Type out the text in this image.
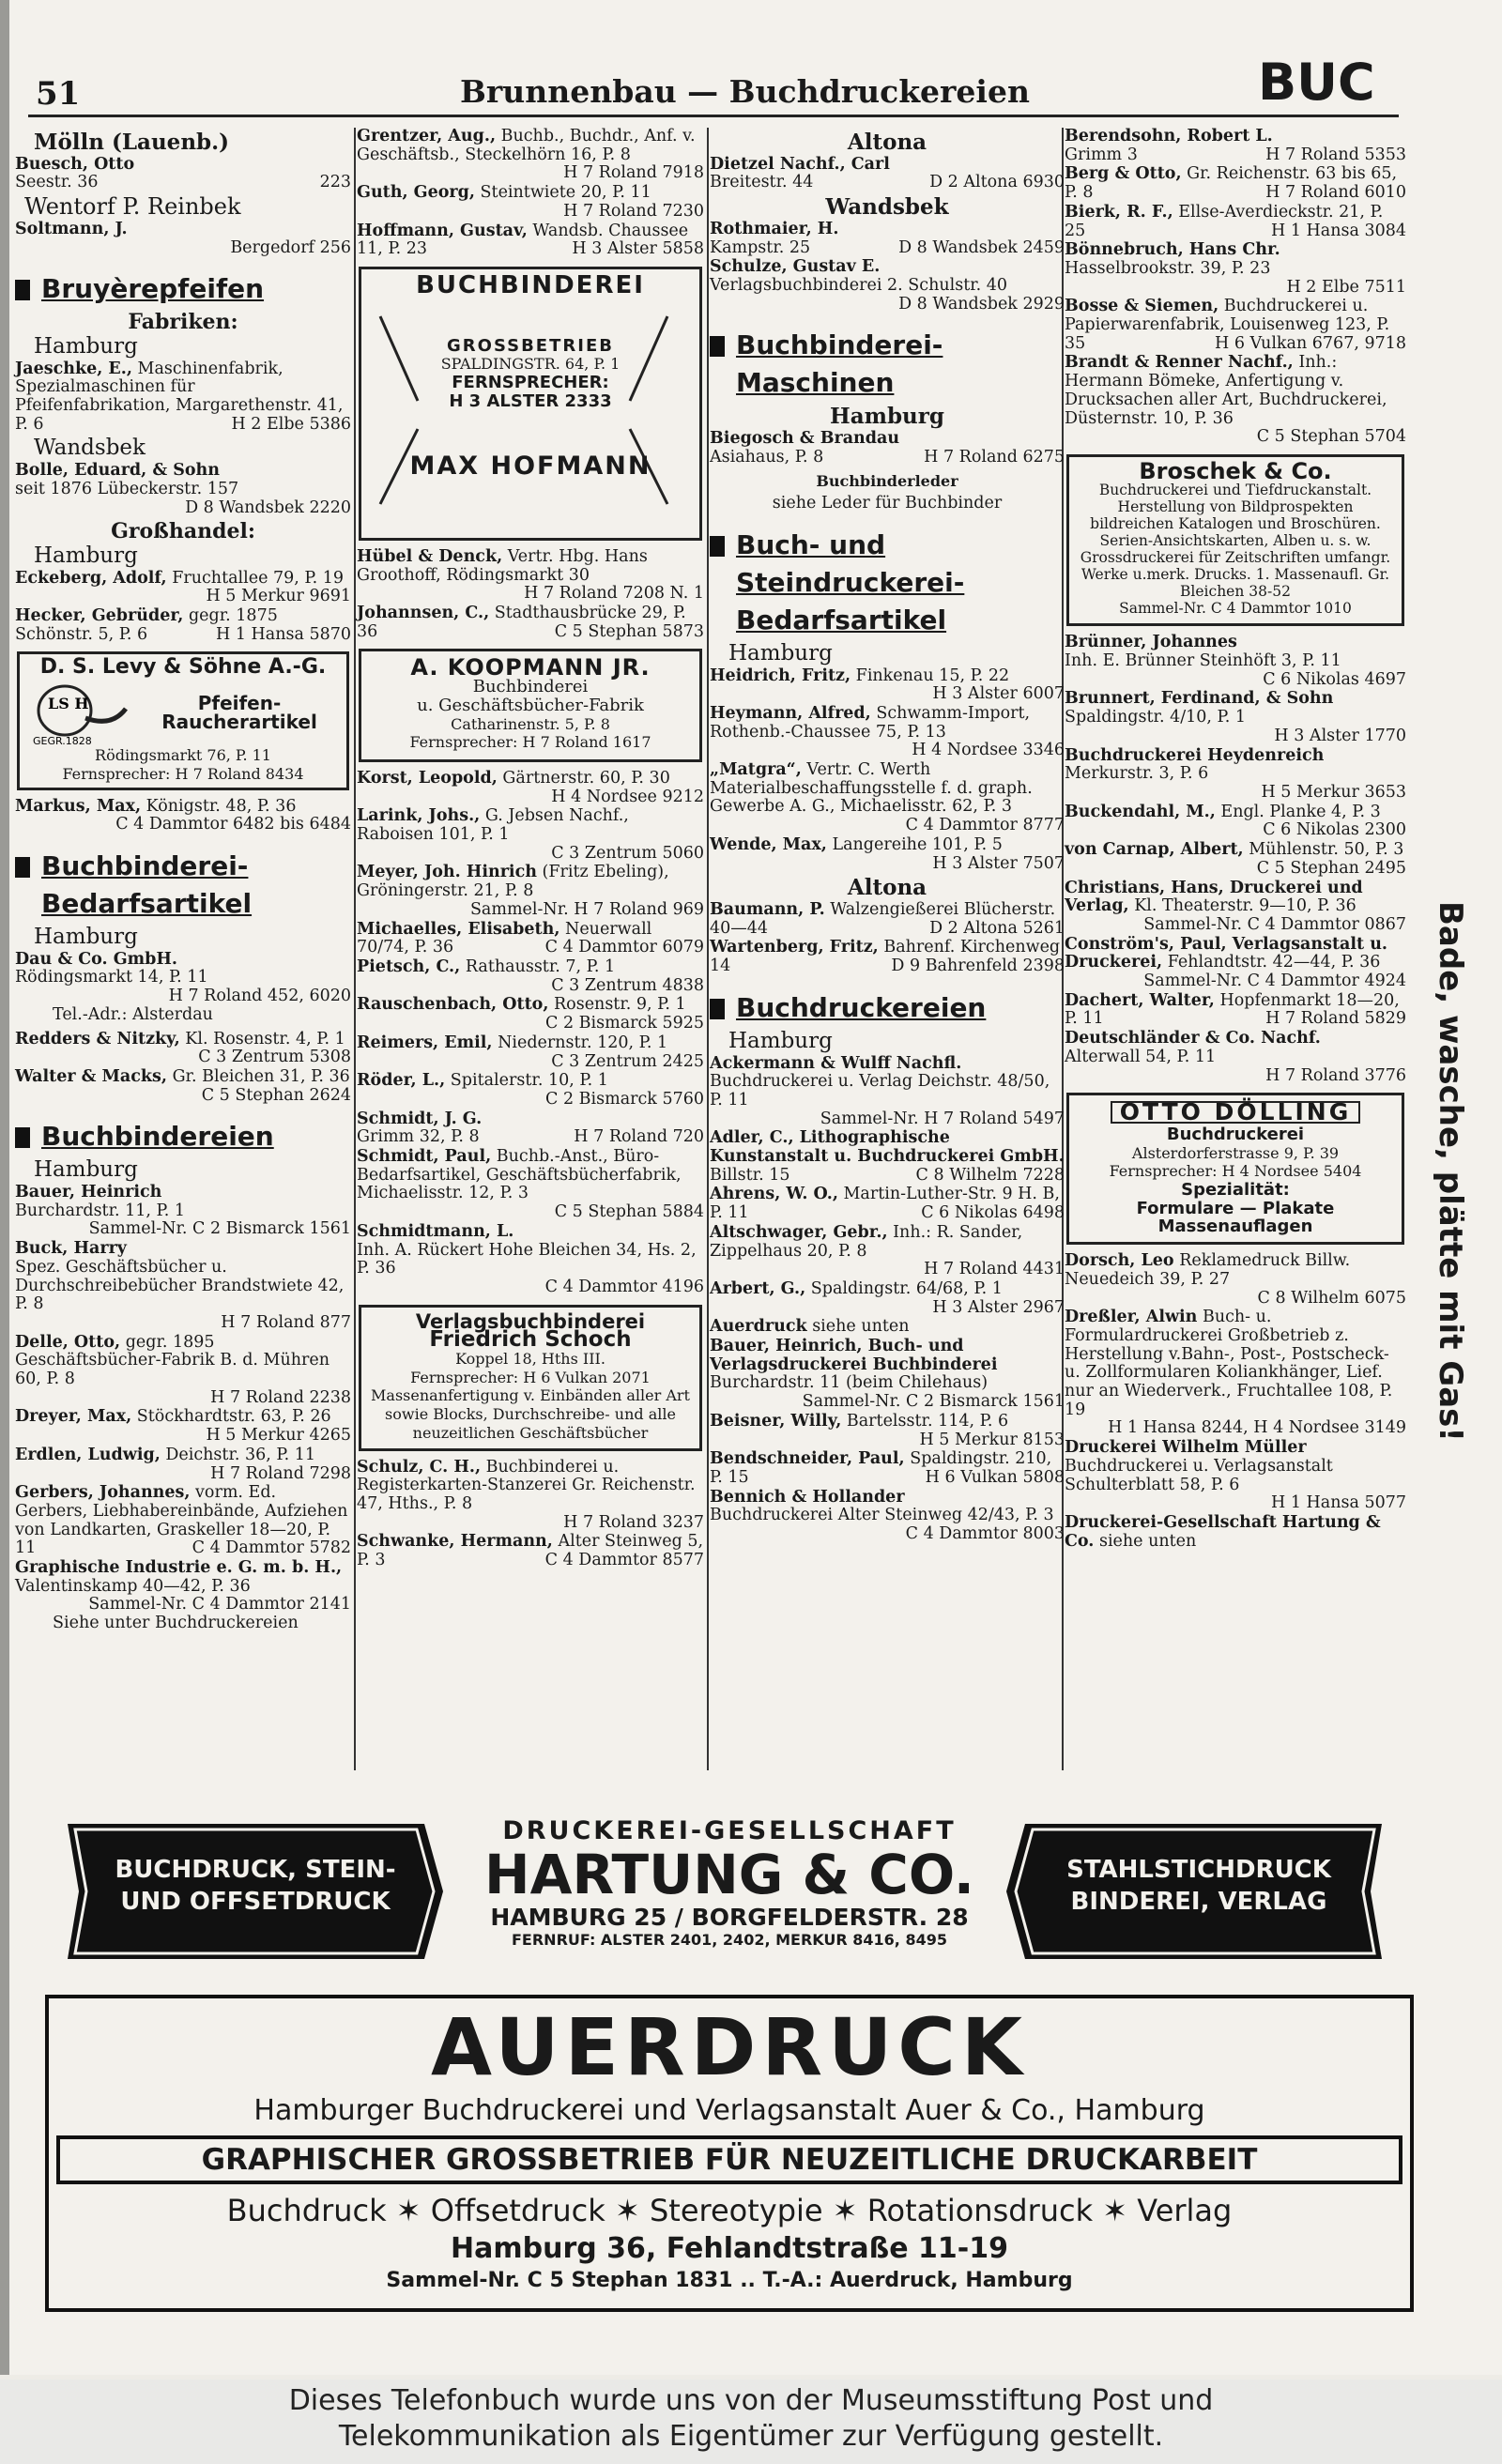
51	Brunnenbau — Buchdruckereien	BUC
Mölln (Lauenb.)
Buesch, Otto
Seestr. 36	223
Wentorf P. Reinbek
Soltmann, J.

Bergedorf 256

Bruyèrepfeifen
Fabriken:
Hamburg
Jaeschke, E., Maschinenfabrik, Spezialmaschinen für Pfeifenfabrikation, Margarethenstr. 41, P. 6	H 2 Elbe 5386

Wandsbek
Bolle, Eduard, & Sohn
seit 1876 Lübeckerstr. 157

D 8 Wandsbek 2220

Großhandel:
Hamburg
Eckeberg, Adolf, Fruchtallee 79, P. 19
H 5 Merkur 9691

Hecker, Gebrüder, gegr. 1875 Schönstr. 5, P. 6	H 1 Hansa 5870

D. S. Levy & Söhne A.-G.
LS H
GEGR.1828
Pfeifen-
Raucherartikel
Rödingsmarkt 76, P. 11
Fernsprecher: H 7 Roland 8434
Markus, Max, Königstr. 48, P. 36

C 4 Dammtor 6482 bis 6484

Buchbinderei-Bedarfsartikel
Hamburg
Dau & Co. GmbH.
Rödingsmarkt 14, P. 11

H 7 Roland 452, 6020

Tel.-Adr.: Alsterdau
Redders & Nitzky, Kl. Rosenstr. 4, P. 1
C 3 Zentrum 5308

Walter & Macks, Gr. Bleichen 31, P. 36
C 5 Stephan 2624

Buchbindereien
Hamburg
Bauer, Heinrich
Burchardstr. 11, P. 1

Sammel-Nr. C 2 Bismarck 1561

Buck, Harry
Spez. Geschäftsbücher u. Durchschreibebücher Brandstwiete 42, P. 8

H 7 Roland 877

Delle, Otto, gegr. 1895 Geschäftsbücher-Fabrik B. d. Mühren 60, P. 8

H 7 Roland 2238

Dreyer, Max, Stöckhardtstr. 63, P. 26
H 5 Merkur 4265

Erdlen, Ludwig, Deichstr. 36, P. 11
H 7 Roland 7298

Gerbers, Johannes, vorm. Ed. Gerbers, Liebhabereinbände, Aufziehen von Landkarten, Graskeller 18—20, P. 11	C 4 Dammtor 5782

Graphische Industrie e. G. m. b. H., Valentinskamp 40—42, P. 36

Sammel-Nr. C 4 Dammtor 2141

Siehe unter Buchdruckereien
Grentzer, Aug., Buchb., Buchdr., Anf. v. Geschäftsb., Steckelhörn 16, P. 8
H 7 Roland 7918

Guth, Georg, Steintwiete 20, P. 11

H 7 Roland 7230

Hoffmann, Gustav, Wandsb. Chaussee 11, P. 23	H 3 Alster 5858

BUCHBINDEREI
GROSSBETRIEB
SPALDINGSTR. 64, P. 1
FERNSPRECHER:
H 3 ALSTER 2333
MAX HOFMANN
Hübel & Denck, Vertr. Hbg. Hans Groothoff, Rödingsmarkt 30

H 7 Roland 7208 N. 1

Johannsen, C., Stadthausbrücke 29, P. 36	C 5 Stephan 5873

A. KOOPMANN JR.
Buchbinderei
u. Geschäftsbücher-Fabrik
Catharinenstr. 5, P. 8
Fernsprecher: H 7 Roland 1617
Korst, Leopold, Gärtnerstr. 60, P. 30
H 4 Nordsee 9212

Larink, Johs., G. Jebsen Nachf., Raboisen 101, P. 1

C 3 Zentrum 5060

Meyer, Joh. Hinrich (Fritz Ebeling), Gröningerstr. 21, P. 8

Sammel-Nr. H 7 Roland 969

Michaelles, Elisabeth, Neuerwall 70/74, P. 36	C 4 Dammtor 6079

Pietsch, C., Rathausstr. 7, P. 1

C 3 Zentrum 4838

Rauschenbach, Otto, Rosenstr. 9, P. 1
C 2 Bismarck 5925

Reimers, Emil, Niedernstr. 120, P. 1
C 3 Zentrum 2425

Röder, L., Spitalerstr. 10, P. 1

C 2 Bismarck 5760

Schmidt, J. G.
Grimm 32, P. 8	H 7 Roland 720

Schmidt, Paul, Buchb.-Anst., Büro-Bedarfsartikel, Geschäftsbücherfabrik, Michaelisstr. 12, P. 3

C 5 Stephan 5884

Schmidtmann, L.
Inh. A. Rückert Hohe Bleichen 34, Hs. 2, P. 36

C 4 Dammtor 4196

Verlagsbuchbinderei
Friedrich Schoch
Koppel 18, Hths III.
Fernsprecher: H 6 Vulkan 2071
Massenanfertigung v. Einbänden aller Art sowie Blocks, Durchschreibe- und alle neuzeitlichen Geschäftsbücher
Schulz, C. H., Buchbinderei u. Registerkarten-Stanzerei Gr. Reichenstr. 47, Hths., P. 8

H 7 Roland 3237

Schwanke, Hermann, Alter Steinweg 5, P. 3	C 4 Dammtor 8577

Altona
Dietzel Nachf., Carl
Breitestr. 44	D 2 Altona 6930

Wandsbek
Rothmaier, H.
Kampstr. 25	D 8 Wandsbek 2459

Schulze, Gustav E.
Verlagsbuchbinderei 2. Schulstr. 40
D 8 Wandsbek 2929

Buchbinderei-Maschinen
Hamburg
Biegosch & Brandau
Asiahaus, P. 8	H 7 Roland 6275

Buchbinderleder
siehe Leder für Buchbinder
Buch- und Steindruckerei-Bedarfsartikel
Hamburg
Heidrich, Fritz, Finkenau 15, P. 22
H 3 Alster 6007

Heymann, Alfred, Schwamm-Import, Rothenb.-Chaussee 75, P. 13

H 4 Nordsee 3346

„Matgra“, Vertr. C. Werth Materialbeschaffungsstelle f. d. graph. Gewerbe A. G., Michaelisstr. 62, P. 3
C 4 Dammtor 8777

Wende, Max, Langereihe 101, P. 5

H 3 Alster 7507

Altona
Baumann, P. Walzengießerei Blücherstr. 40—44	D 2 Altona 5261

Wartenberg, Fritz, Bahrenf. Kirchenweg 14	D 9 Bahrenfeld 2398

Buchdruckereien
Hamburg
Ackermann & Wulff Nachfl. Buchdruckerei u. Verlag Deichstr. 48/50, P. 11

Sammel-Nr. H 7 Roland 5497

Adler, C., Lithographische Kunstanstalt u. Buchdruckerei GmbH. Billstr. 15	C 8 Wilhelm 7228

Ahrens, W. O., Martin-Luther-Str. 9 H. B, P. 11	C 6 Nikolas 6498

Altschwager, Gebr., Inh.: R. Sander, Zippelhaus 20, P. 8

H 7 Roland 4431

Arbert, G., Spaldingstr. 64/68, P. 1

H 3 Alster 2967

Auerdruck siehe unten
Bauer, Heinrich, Buch- und Verlagsdruckerei Buchbinderei
Burchardstr. 11 (beim Chilehaus)

Sammel-Nr. C 2 Bismarck 1561

Beisner, Willy, Bartelsstr. 114, P. 6
H 5 Merkur 8153

Bendschneider, Paul, Spaldingstr. 210, P. 15	H 6 Vulkan 5808

Bennich & Hollander
Buchdruckerei Alter Steinweg 42/43, P. 3

C 4 Dammtor 8003

Berendsohn, Robert L.
Grimm 3	H 7 Roland 5353

Berg & Otto, Gr. Reichenstr. 63 bis 65, P. 8	H 7 Roland 6010

Bierk, R. F., Ellse-Averdieckstr. 21, P. 25	H 1 Hansa 3084

Bönnebruch, Hans Chr.
Hasselbrookstr. 39, P. 23

H 2 Elbe 7511

Bosse & Siemen, Buchdruckerei u. Papierwarenfabrik, Louisenweg 123, P. 35	H 6 Vulkan 6767, 9718

Brandt & Renner Nachf., Inh.: Hermann Bömeke, Anfertigung v. Drucksachen aller Art, Buchdruckerei, Düsternstr. 10, P. 36

C 5 Stephan 5704

Broschek & Co.
Buchdruckerei und Tiefdruckanstalt. Herstellung von Bildprospekten bildreichen Katalogen und Broschüren. Serien-Ansichtskarten, Alben u. s. w. Grossdruckerei für Zeitschriften umfangr. Werke u.merk. Drucks. 1. Massenaufl. Gr. Bleichen 38-52
Sammel-Nr. C 4 Dammtor 1010
Brünner, Johannes
Inh. E. Brünner Steinhöft 3, P. 11
C 6 Nikolas 4697

Brunnert, Ferdinand, & Sohn
Spaldingstr. 4/10, P. 1

H 3 Alster 1770

Buchdruckerei Heydenreich
Merkurstr. 3, P. 6

H 5 Merkur 3653

Buckendahl, M., Engl. Planke 4, P. 3
C 6 Nikolas 2300

von Carnap, Albert, Mühlenstr. 50, P. 3
C 5 Stephan 2495

Christians, Hans, Druckerei und Verlag, Kl. Theaterstr. 9—10, P. 36

Sammel-Nr. C 4 Dammtor 0867

Conström's, Paul, Verlagsanstalt u. Druckerei, Fehlandtstr. 42—44, P. 36

Sammel-Nr. C 4 Dammtor 4924

Dachert, Walter, Hopfenmarkt 18—20, P. 11	H 7 Roland 5829

Deutschländer & Co. Nachf.
Alterwall 54, P. 11

H 7 Roland 3776

OTTO DÖLLING
Buchdruckerei
Alsterdorferstrasse 9, P. 39
Fernsprecher: H 4 Nordsee 5404
Spezialität:
Formulare — Plakate
Massenauflagen
Dorsch, Leo Reklamedruck Billw. Neuedeich 39, P. 27

C 8 Wilhelm 6075

Dreßler, Alwin Buch- u. Formulardruckerei Großbetrieb z. Herstellung v.Bahn-, Post-, Postscheck- u. Zollformularen Koliankhänger, Lief. nur an Wiederverk., Fruchtallee 108, P. 19

H 1 Hansa 8244, H 4 Nordsee 3149

Druckerei Wilhelm Müller Buchdruckerei u. Verlagsanstalt Schulterblatt 58, P. 6

H 1 Hansa 5077

Druckerei-Gesellschaft Hartung & Co. siehe unten
Bade, wasche, plätte mit Gas!
BUCHDRUCK, STEIN-
UND OFFSETDRUCK
STAHLSTICHDRUCK
BINDEREI, VERLAG
DRUCKEREI-GESELLSCHAFT
HARTUNG & CO.
HAMBURG 25 / BORGFELDERSTR. 28
FERNRUF: ALSTER 2401, 2402, MERKUR 8416, 8495
AUERDRUCK
Hamburger Buchdruckerei und Verlagsanstalt Auer & Co., Hamburg
GRAPHISCHER GROSSBETRIEB FÜR NEUZEITLICHE DRUCKARBEIT
Buchdruck ✶ Offsetdruck ✶ Stereotypie ✶ Rotationsdruck ✶ Verlag
Hamburg 36, Fehlandtstraße 11-19
Sammel-Nr. C 5 Stephan 1831 .. T.-A.: Auerdruck, Hamburg
Dieses Telefonbuch wurde uns von der Museumsstiftung Post und
Telekommunikation als Eigentümer zur Verfügung gestellt.
